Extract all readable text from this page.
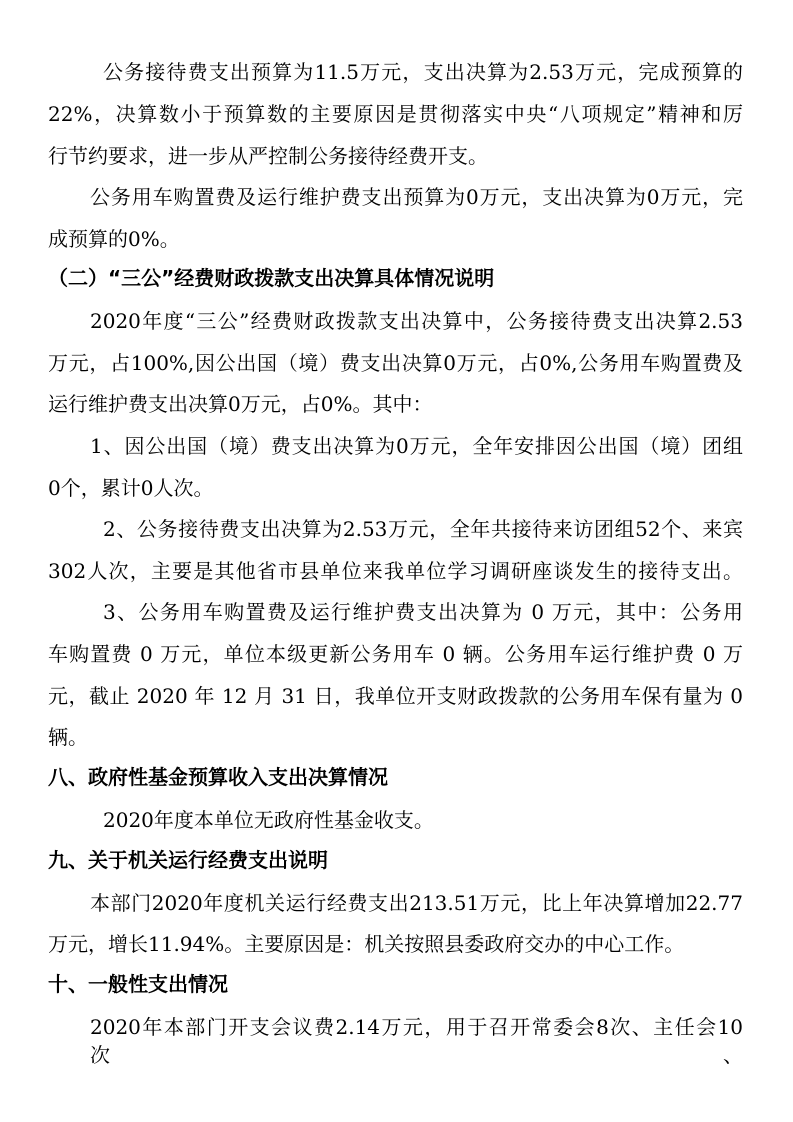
公务接待费支出预算为11.5万元，支出决算为2.53万元，完成预算的
22%，决算数小于预算数的主要原因是贯彻落实中央“八项规定”精神和厉
行节约要求，进一步从严控制公务接待经费开支。
公务用车购置费及运行维护费支出预算为0万元，支出决算为0万元，完
成预算的0%。
（二）“三公”经费财政拨款支出决算具体情况说明
2020年度“三公”经费财政拨款支出决算中，公务接待费支出决算2.53
万元，占100%,因公出国（境）费支出决算0万元，占0%,公务用车购置费及
运行维护费支出决算0万元，占0%。其中：
1、因公出国（境）费支出决算为0万元，全年安排因公出国（境）团组
0个，累计0人次。
2、公务接待费支出决算为2.53万元，全年共接待来访团组52个、来宾
302人次，主要是其他省市县单位来我单位学习调研座谈发生的接待支出。
3、公务用车购置费及运行维护费支出决算为 0 万元，其中：公务用
车购置费 0 万元，单位本级更新公务用车 0 辆。公务用车运行维护费 0 万
元，截止 2020 年 12 月 31 日，我单位开支财政拨款的公务用车保有量为 0
辆。
八、政府性基金预算收入支出决算情况
2020年度本单位无政府性基金收支。
九、关于机关运行经费支出说明
本部门2020年度机关运行经费支出213.51万元，比上年决算增加22.77
万元，增长11.94%。主要原因是：机关按照县委政府交办的中心工作。
十、一般性支出情况
2020年本部门开支会议费2.14万元，用于召开常委会8次、主任会10次、
